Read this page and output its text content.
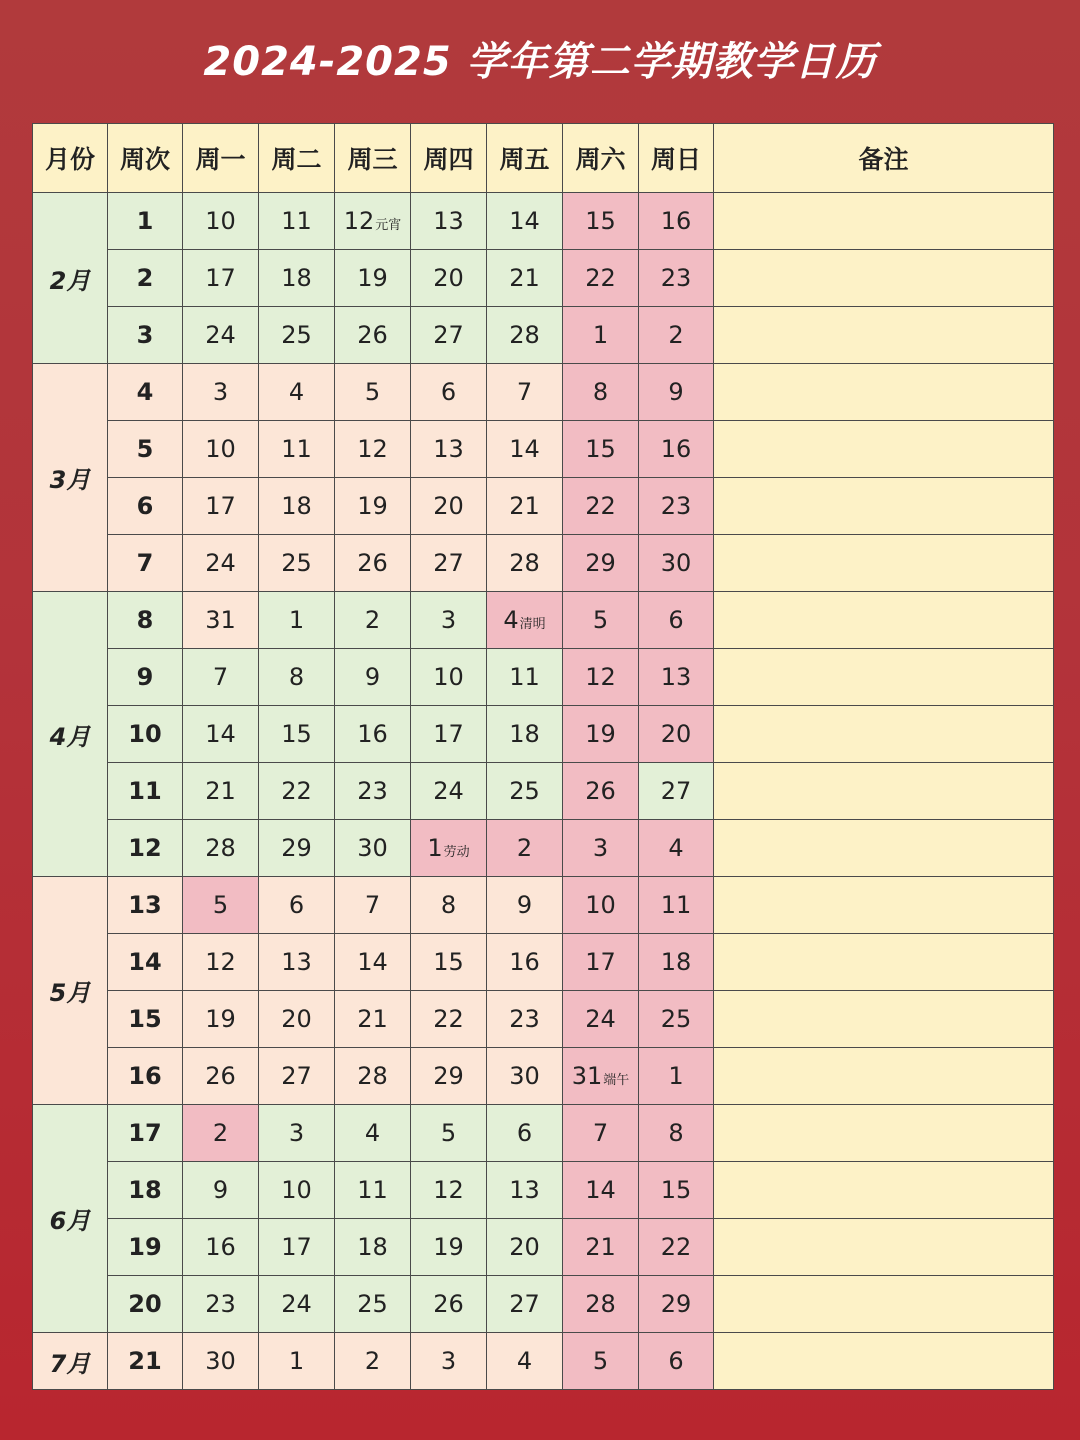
2024-2025 学年第二学期教学日历
月份	周次	周一	周二	周三	周四	周五	周六	周日	备注
2月	1	10	11	12元宵	13	14	15	16	
	2	17	18	19	20	21	22	23	
	3	24	25	26	27	28	1	2	
3月	4	3	4	5	6	7	8	9	
	5	10	11	12	13	14	15	16	
	6	17	18	19	20	21	22	23	
	7	24	25	26	27	28	29	30	
4月	8	31	1	2	3	4清明	5	6	
	9	7	8	9	10	11	12	13	
	10	14	15	16	17	18	19	20	
	11	21	22	23	24	25	26	27	
	12	28	29	30	1劳动	2	3	4	
5月	13	5	6	7	8	9	10	11	
	14	12	13	14	15	16	17	18	
	15	19	20	21	22	23	24	25	
	16	26	27	28	29	30	31端午	1	
6月	17	2	3	4	5	6	7	8	
	18	9	10	11	12	13	14	15	
	19	16	17	18	19	20	21	22	
	20	23	24	25	26	27	28	29	
7月	21	30	1	2	3	4	5	6	
